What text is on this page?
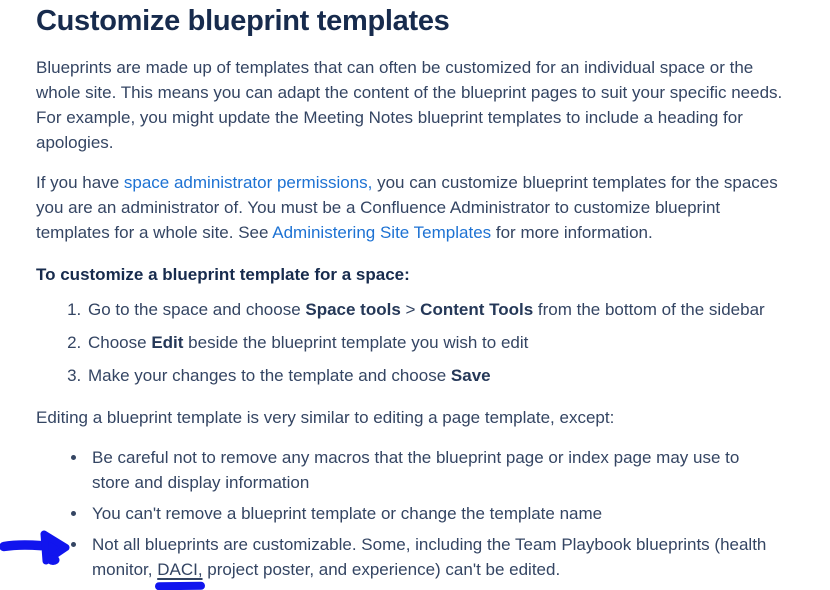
Customize blueprint templates

Blueprints are made up of templates that can often be customized for an individual space or the whole site. This means you can adapt the content of the blueprint pages to suit your specific needs. For example, you might update the Meeting Notes blueprint templates to include a heading for apologies.

If you have space administrator permissions, you can customize blueprint templates for the spaces you are an administrator of. You must be a Confluence Administrator to customize blueprint templates for a whole site. See Administering Site Templates for more information.

To customize a blueprint template for a space:

1. Go to the space and choose Space tools > Content Tools from the bottom of the sidebar
2. Choose Edit beside the blueprint template you wish to edit
3. Make your changes to the template and choose Save

Editing a blueprint template is very similar to editing a page template, except:

• Be careful not to remove any macros that the blueprint page or index page may use to store and display information
• You can't remove a blueprint template or change the template name
• Not all blueprints are customizable. Some, including the Team Playbook blueprints (health monitor, DACI, project poster, and experience) can't be edited.
